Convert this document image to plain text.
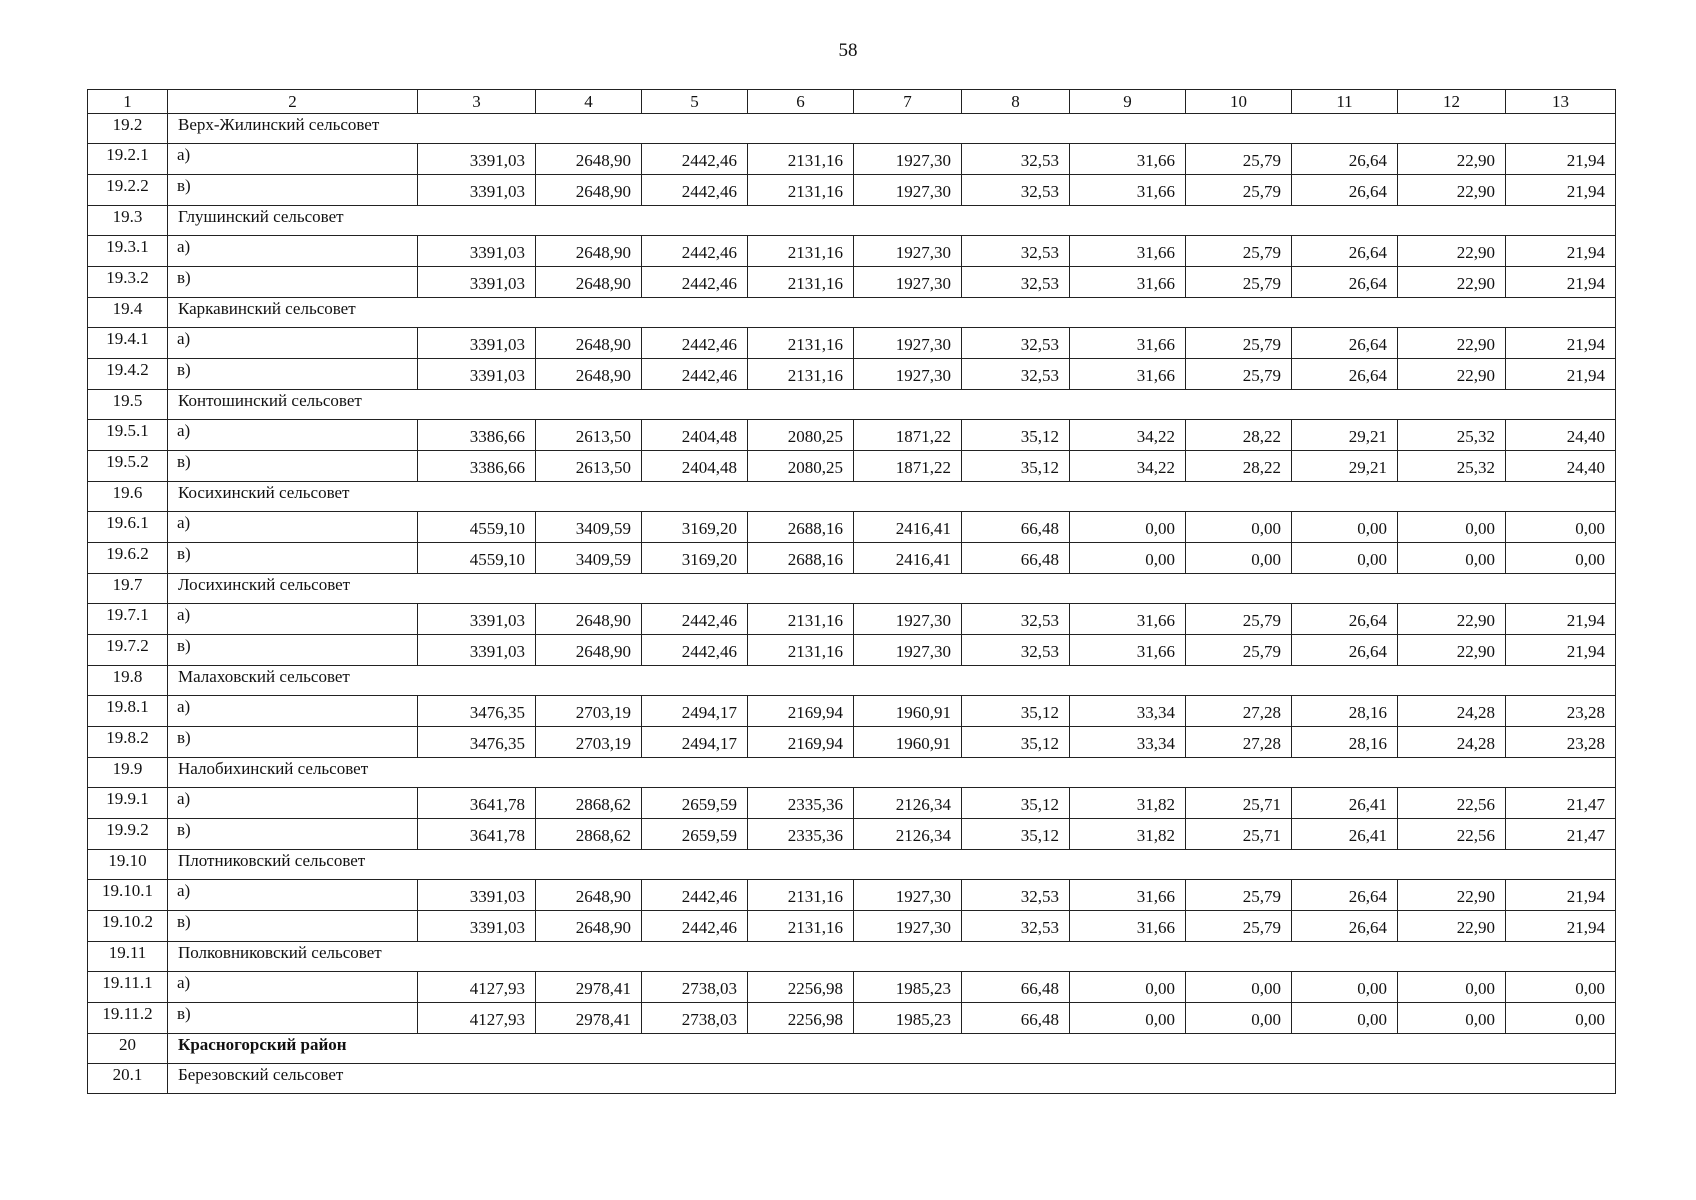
58
1	2	3	4	5	6	7	8	9	10	11	12	13
19.2	Верх-Жилинский сельсовет											
19.2.1	а)	3391,03	2648,90	2442,46	2131,16	1927,30	32,53	31,66	25,79	26,64	22,90	21,94
19.2.2	в)	3391,03	2648,90	2442,46	2131,16	1927,30	32,53	31,66	25,79	26,64	22,90	21,94
19.3	Глушинский сельсовет											
19.3.1	а)	3391,03	2648,90	2442,46	2131,16	1927,30	32,53	31,66	25,79	26,64	22,90	21,94
19.3.2	в)	3391,03	2648,90	2442,46	2131,16	1927,30	32,53	31,66	25,79	26,64	22,90	21,94
19.4	Каркавинский сельсовет											
19.4.1	а)	3391,03	2648,90	2442,46	2131,16	1927,30	32,53	31,66	25,79	26,64	22,90	21,94
19.4.2	в)	3391,03	2648,90	2442,46	2131,16	1927,30	32,53	31,66	25,79	26,64	22,90	21,94
19.5	Контошинский сельсовет											
19.5.1	а)	3386,66	2613,50	2404,48	2080,25	1871,22	35,12	34,22	28,22	29,21	25,32	24,40
19.5.2	в)	3386,66	2613,50	2404,48	2080,25	1871,22	35,12	34,22	28,22	29,21	25,32	24,40
19.6	Косихинский сельсовет											
19.6.1	а)	4559,10	3409,59	3169,20	2688,16	2416,41	66,48	0,00	0,00	0,00	0,00	0,00
19.6.2	в)	4559,10	3409,59	3169,20	2688,16	2416,41	66,48	0,00	0,00	0,00	0,00	0,00
19.7	Лосихинский сельсовет											
19.7.1	а)	3391,03	2648,90	2442,46	2131,16	1927,30	32,53	31,66	25,79	26,64	22,90	21,94
19.7.2	в)	3391,03	2648,90	2442,46	2131,16	1927,30	32,53	31,66	25,79	26,64	22,90	21,94
19.8	Малаховский сельсовет											
19.8.1	а)	3476,35	2703,19	2494,17	2169,94	1960,91	35,12	33,34	27,28	28,16	24,28	23,28
19.8.2	в)	3476,35	2703,19	2494,17	2169,94	1960,91	35,12	33,34	27,28	28,16	24,28	23,28
19.9	Налобихинский сельсовет											
19.9.1	а)	3641,78	2868,62	2659,59	2335,36	2126,34	35,12	31,82	25,71	26,41	22,56	21,47
19.9.2	в)	3641,78	2868,62	2659,59	2335,36	2126,34	35,12	31,82	25,71	26,41	22,56	21,47
19.10	Плотниковский сельсовет											
19.10.1	а)	3391,03	2648,90	2442,46	2131,16	1927,30	32,53	31,66	25,79	26,64	22,90	21,94
19.10.2	в)	3391,03	2648,90	2442,46	2131,16	1927,30	32,53	31,66	25,79	26,64	22,90	21,94
19.11	Полковниковский сельсовет											
19.11.1	а)	4127,93	2978,41	2738,03	2256,98	1985,23	66,48	0,00	0,00	0,00	0,00	0,00
19.11.2	в)	4127,93	2978,41	2738,03	2256,98	1985,23	66,48	0,00	0,00	0,00	0,00	0,00
20	Красногорский район											
20.1	Березовский сельсовет											
